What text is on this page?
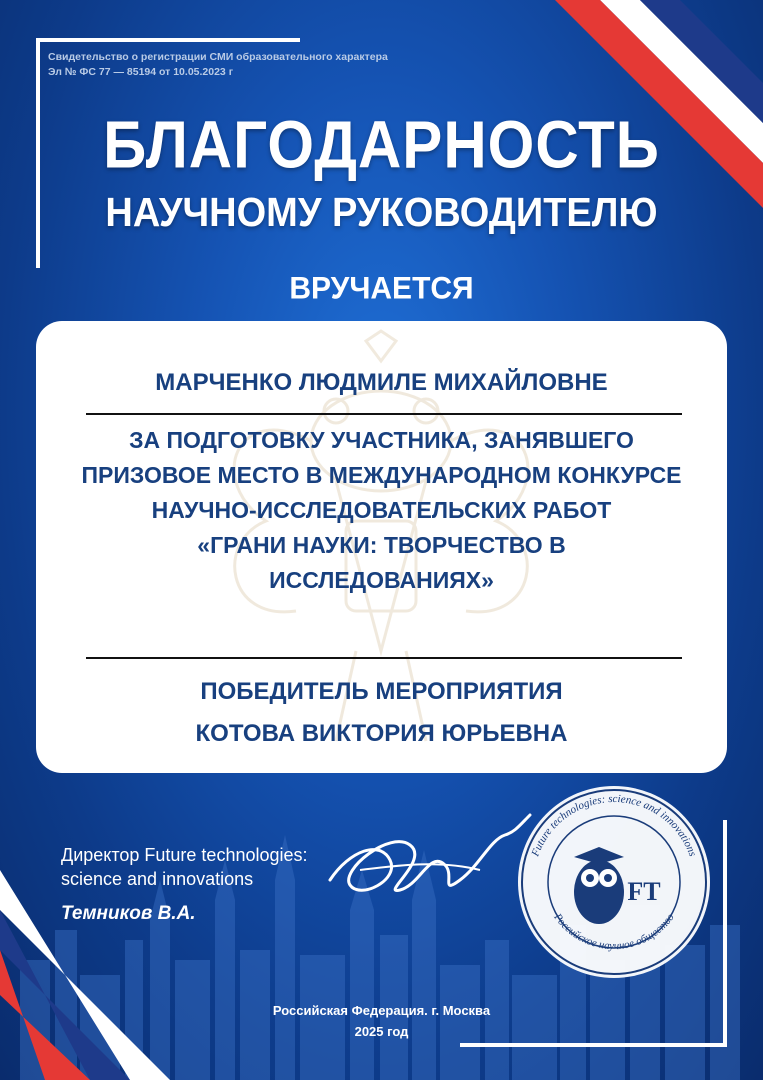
Свидетельство о регистрации СМИ образовательного характера
Эл № ФС 77 — 85194 от 10.05.2023 г
БЛАГОДАРНОСТЬ
НАУЧНОМУ РУКОВОДИТЕЛЮ
ВРУЧАЕТСЯ
МАРЧЕНКО ЛЮДМИЛЕ МИХАЙЛОВНЕ
ЗА ПОДГОТОВКУ УЧАСТНИКА, ЗАНЯВШЕГО
ПРИЗОВОЕ МЕСТО В МЕЖДУНАРОДНОМ КОНКУРСЕ
НАУЧНО-ИССЛЕДОВАТЕЛЬСКИХ РАБОТ
«ГРАНИ НАУКИ: ТВОРЧЕСТВО В
ИССЛЕДОВАНИЯХ»
ПОБЕДИТЕЛЬ МЕРОПРИЯТИЯ
КОТОВА ВИКТОРИЯ ЮРЬЕВНА
Директор Future technologies:
science and innovations
Темников В.А.
Future technologies: science and innovations
Российское научное общество
FT
Российская Федерация. г. Москва
2025 год
